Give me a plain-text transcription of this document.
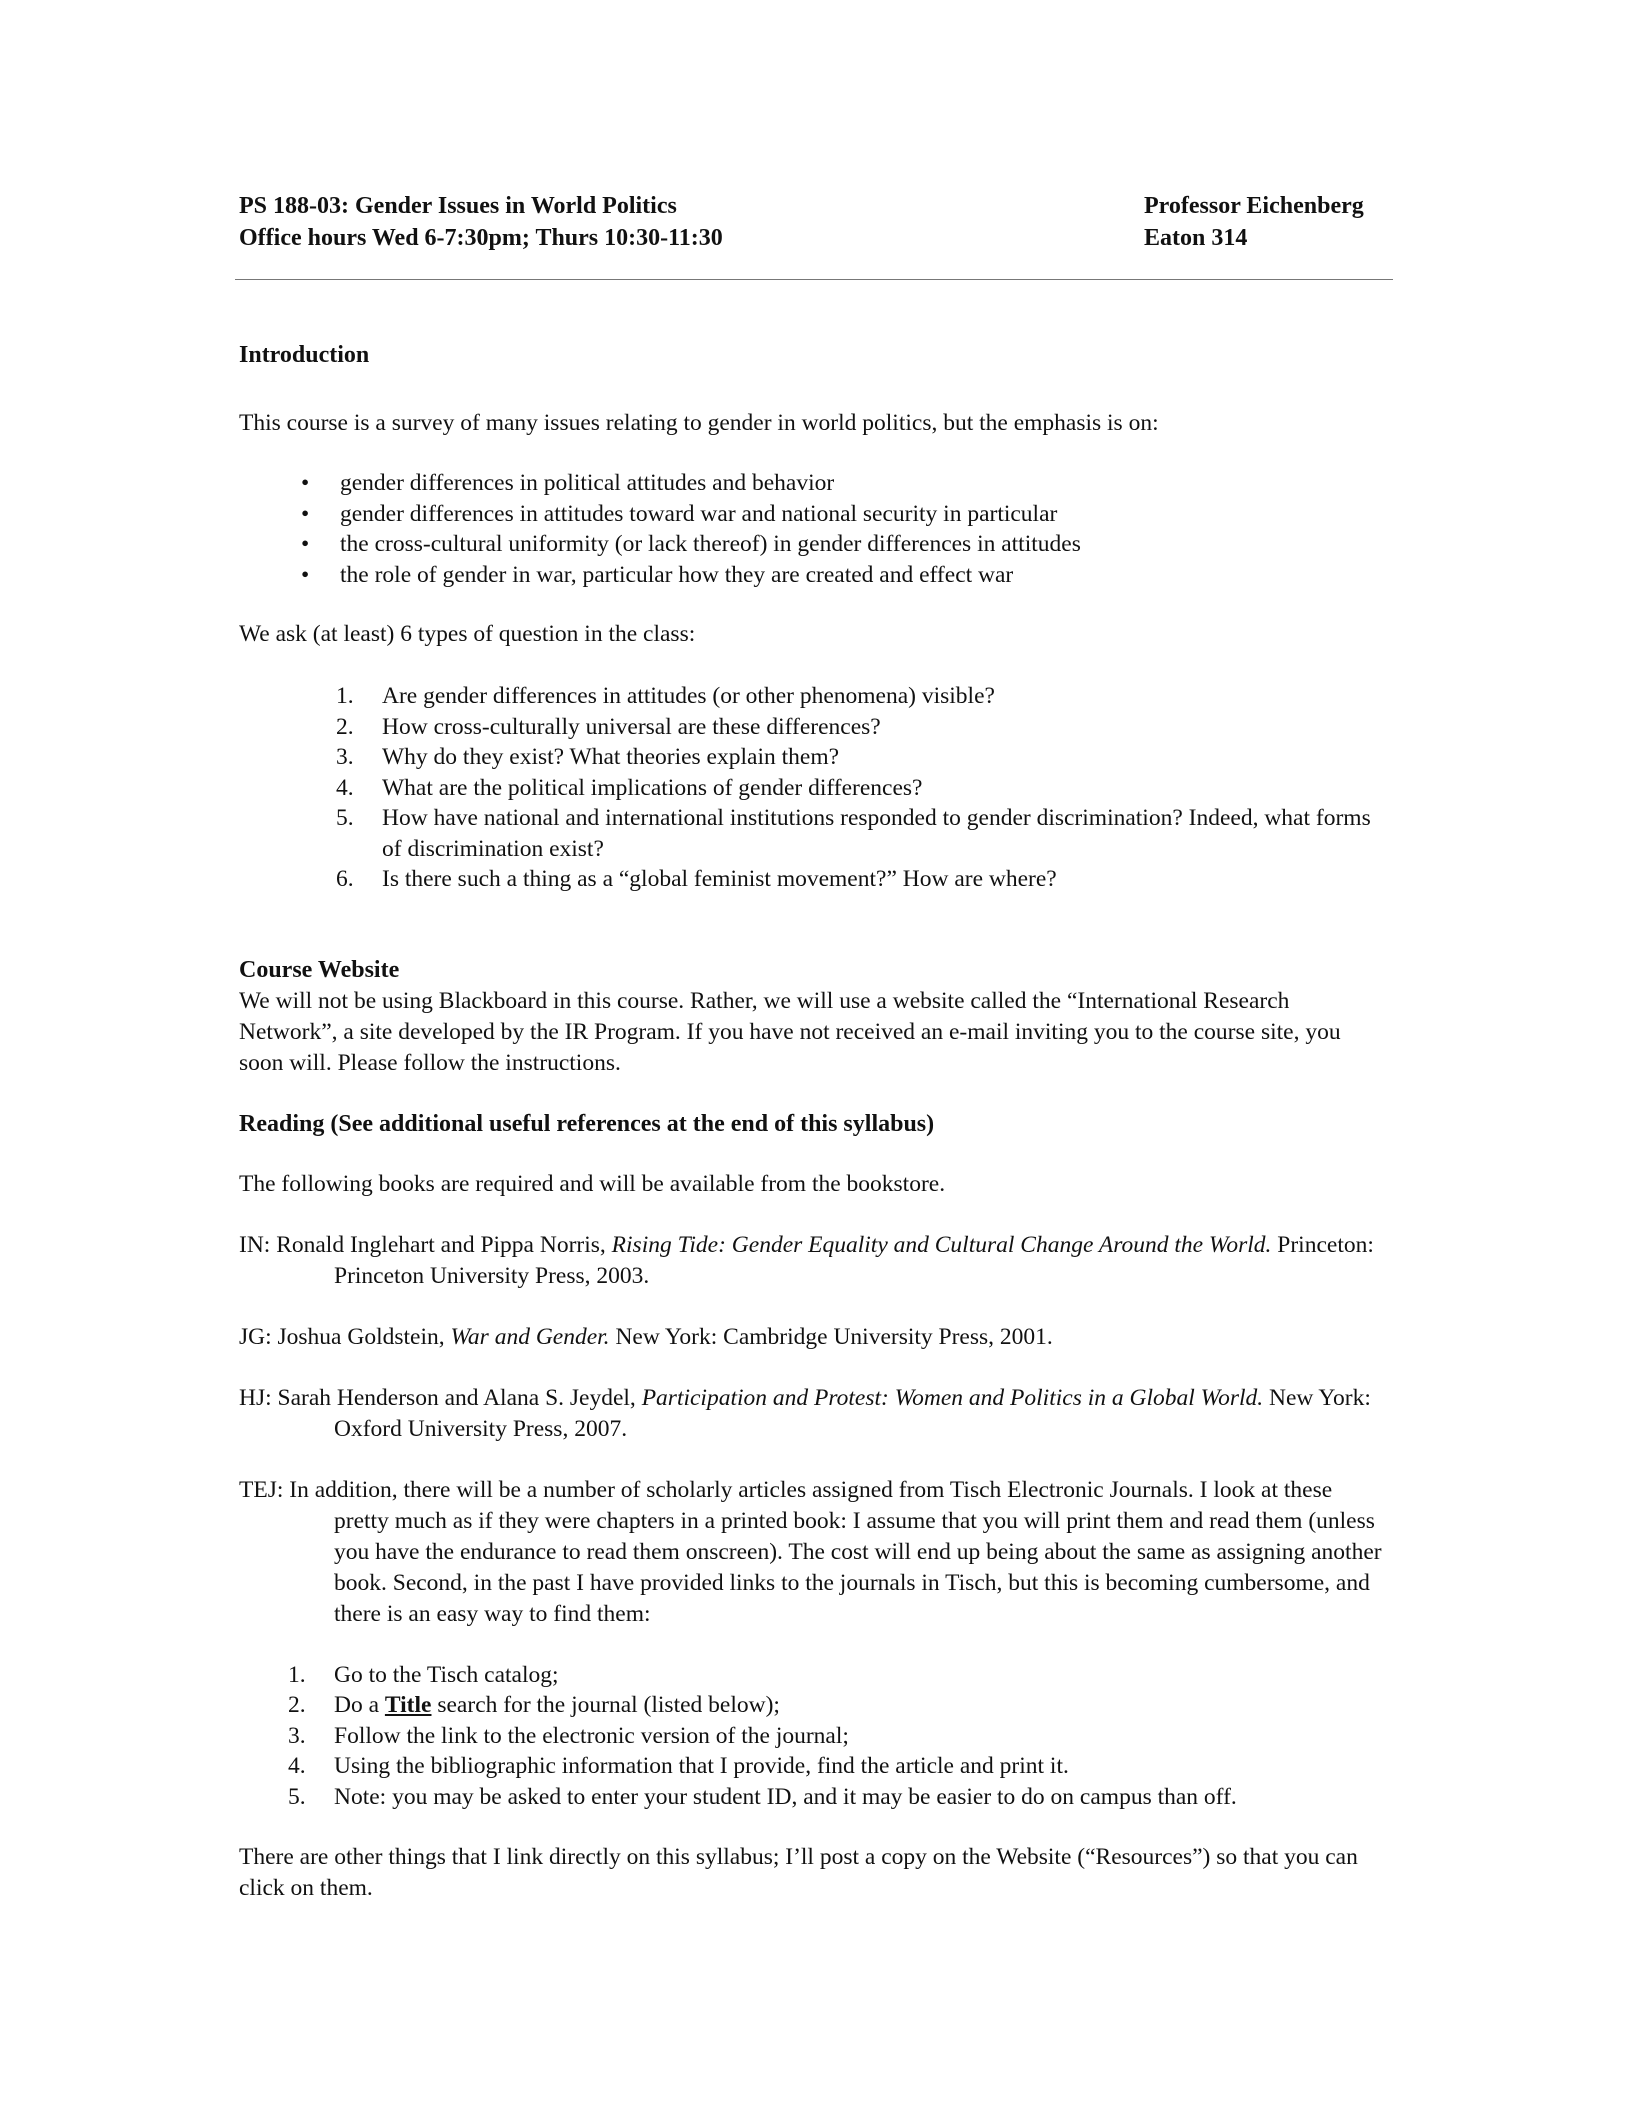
PS 188-03: Gender Issues in World Politics	Professor Eichenberg
Office hours Wed 6-7:30pm; Thurs 10:30-11:30	Eaton 314
Introduction

This course is a survey of many issues relating to gender in world politics, but the emphasis is on:

• gender differences in political attitudes and behavior
• gender differences in attitudes toward war and national security in particular
• the cross-cultural uniformity (or lack thereof) in gender differences in attitudes
• the role of gender in war, particular how they are created and effect war

We ask (at least) 6 types of question in the class:

1. Are gender differences in attitudes (or other phenomena) visible?
2. How cross-culturally universal are these differences?
3. Why do they exist? What theories explain them?
4. What are the political implications of gender differences?
5. How have national and international institutions responded to gender discrimination? Indeed, what forms of discrimination exist?
6. Is there such a thing as a “global feminist movement?” How are where?
Course Website

We will not be using Blackboard in this course. Rather, we will use a website called the “International Research Network”, a site developed by the IR Program. If you have not received an e-mail inviting you to the course site, you soon will. Please follow the instructions.

Reading (See additional useful references at the end of this syllabus)

The following books are required and will be available from the bookstore.

IN: Ronald Inglehart and Pippa Norris, Rising Tide: Gender Equality and Cultural Change Around the World. Princeton: Princeton University Press, 2003.

JG: Joshua Goldstein, War and Gender. New York: Cambridge University Press, 2001.

HJ: Sarah Henderson and Alana S. Jeydel, Participation and Protest: Women and Politics in a Global World. New York: Oxford University Press, 2007.

TEJ: In addition, there will be a number of scholarly articles assigned from Tisch Electronic Journals. I look at these pretty much as if they were chapters in a printed book: I assume that you will print them and read them (unless you have the endurance to read them onscreen). The cost will end up being about the same as assigning another book. Second, in the past I have provided links to the journals in Tisch, but this is becoming cumbersome, and there is an easy way to find them:

1. Go to the Tisch catalog;
2. Do a Title search for the journal (listed below);
3. Follow the link to the electronic version of the journal;
4. Using the bibliographic information that I provide, find the article and print it.
5. Note: you may be asked to enter your student ID, and it may be easier to do on campus than off.

There are other things that I link directly on this syllabus; I’ll post a copy on the Website (“Resources”) so that you can click on them.
